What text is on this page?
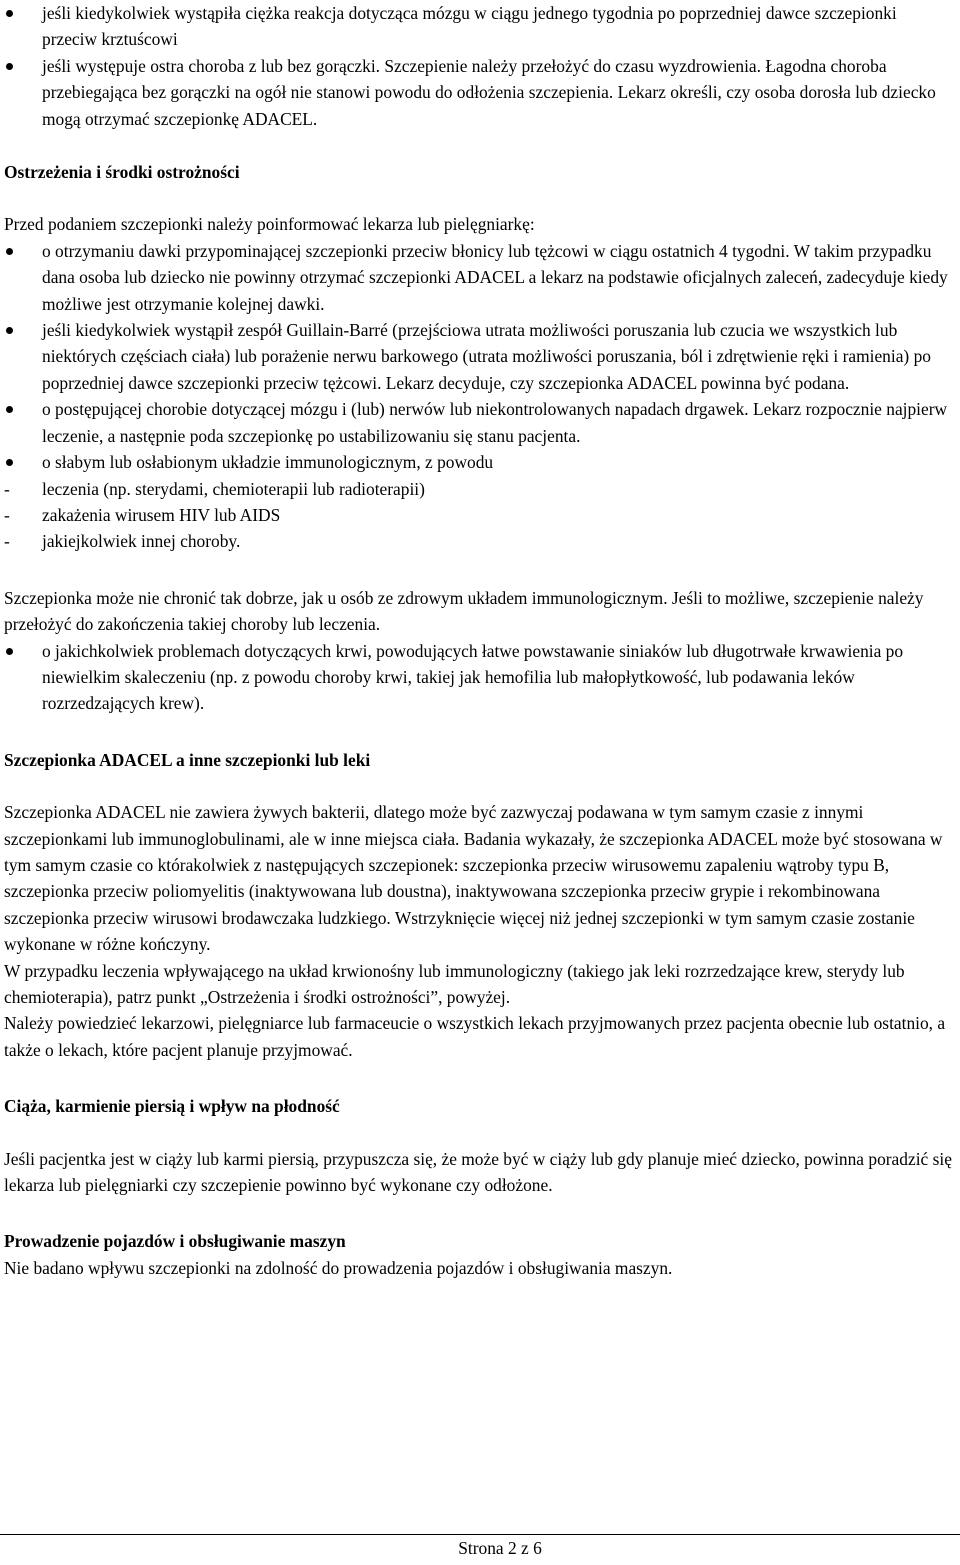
jeśli kiedykolwiek wystąpiła ciężka reakcja dotycząca mózgu w ciągu jednego tygodnia po poprzedniej dawce szczepionki przeciw krztuścowi
jeśli występuje ostra choroba z lub bez gorączki. Szczepienie należy przełożyć do czasu wyzdrowienia. Łagodna choroba przebiegająca bez gorączki na ogół nie stanowi powodu do odłożenia szczepienia. Lekarz określi, czy osoba dorosła lub dziecko mogą otrzymać szczepionkę ADACEL.
Ostrzeżenia i środki ostrożności

Przed podaniem szczepionki należy poinformować lekarza lub pielęgniarkę:

o otrzymaniu dawki przypominającej szczepionki przeciw błonicy lub tężcowi w ciągu ostatnich 4 tygodni. W takim przypadku dana osoba lub dziecko nie powinny otrzymać szczepionki ADACEL a lekarz na podstawie oficjalnych zaleceń, zadecyduje kiedy możliwe jest otrzymanie kolejnej dawki.
jeśli kiedykolwiek wystąpił zespół Guillain-Barré (przejściowa utrata możliwości poruszania lub czucia we wszystkich lub niektórych częściach ciała) lub porażenie nerwu barkowego (utrata możliwości poruszania, ból i zdrętwienie ręki i ramienia) po poprzedniej dawce szczepionki przeciw tężcowi. Lekarz decyduje, czy szczepionka ADACEL powinna być podana.
o postępującej chorobie dotyczącej mózgu i (lub) nerwów lub niekontrolowanych napadach drgawek. Lekarz rozpocznie najpierw leczenie, a następnie poda szczepionkę po ustabilizowaniu się stanu pacjenta.
o słabym lub osłabionym układzie immunologicznym, z powodu
- leczenia (np. sterydami, chemioterapii lub radioterapii)
- zakażenia wirusem HIV lub AIDS
- jakiejkolwiek innej choroby.

Szczepionka może nie chronić tak dobrze, jak u osób ze zdrowym układem immunologicznym. Jeśli to możliwe, szczepienie należy przełożyć do zakończenia takiej choroby lub leczenia.

o jakichkolwiek problemach dotyczących krwi, powodujących łatwe powstawanie siniaków lub długotrwałe krwawienia po niewielkim skaleczeniu (np. z powodu choroby krwi, takiej jak hemofilia lub małopłytkowość, lub podawania leków rozrzedzających krew).
Szczepionka ADACEL a inne szczepionki lub leki

Szczepionka ADACEL nie zawiera żywych bakterii, dlatego może być zazwyczaj podawana w tym samym czasie z innymi szczepionkami lub immunoglobulinami, ale w inne miejsca ciała. Badania wykazały, że szczepionka ADACEL może być stosowana w tym samym czasie co którakolwiek z następujących szczepionek: szczepionka przeciw wirusowemu zapaleniu wątroby typu B, szczepionka przeciw poliomyelitis (inaktywowana lub doustna), inaktywowana szczepionka przeciw grypie i rekombinowana szczepionka przeciw wirusowi brodawczaka ludzkiego. Wstrzyknięcie więcej niż jednej szczepionki w tym samym czasie zostanie wykonane w różne kończyny.

W przypadku leczenia wpływającego na układ krwionośny lub immunologiczny (takiego jak leki rozrzedzające krew, sterydy lub chemioterapia), patrz punkt „Ostrzeżenia i środki ostrożności”, powyżej.

Należy powiedzieć lekarzowi, pielęgniarce lub farmaceucie o wszystkich lekach przyjmowanych przez pacjenta obecnie lub ostatnio, a także o lekach, które pacjent planuje przyjmować.

Ciąża, karmienie piersią i wpływ na płodność

Jeśli pacjentka jest w ciąży lub karmi piersią, przypuszcza się, że może być w ciąży lub gdy planuje mieć dziecko, powinna poradzić się lekarza lub pielęgniarki czy szczepienie powinno być wykonane czy odłożone.

Prowadzenie pojazdów i obsługiwanie maszyn

Nie badano wpływu szczepionki na zdolność do prowadzenia pojazdów i obsługiwania maszyn.

Strona 2 z 6
